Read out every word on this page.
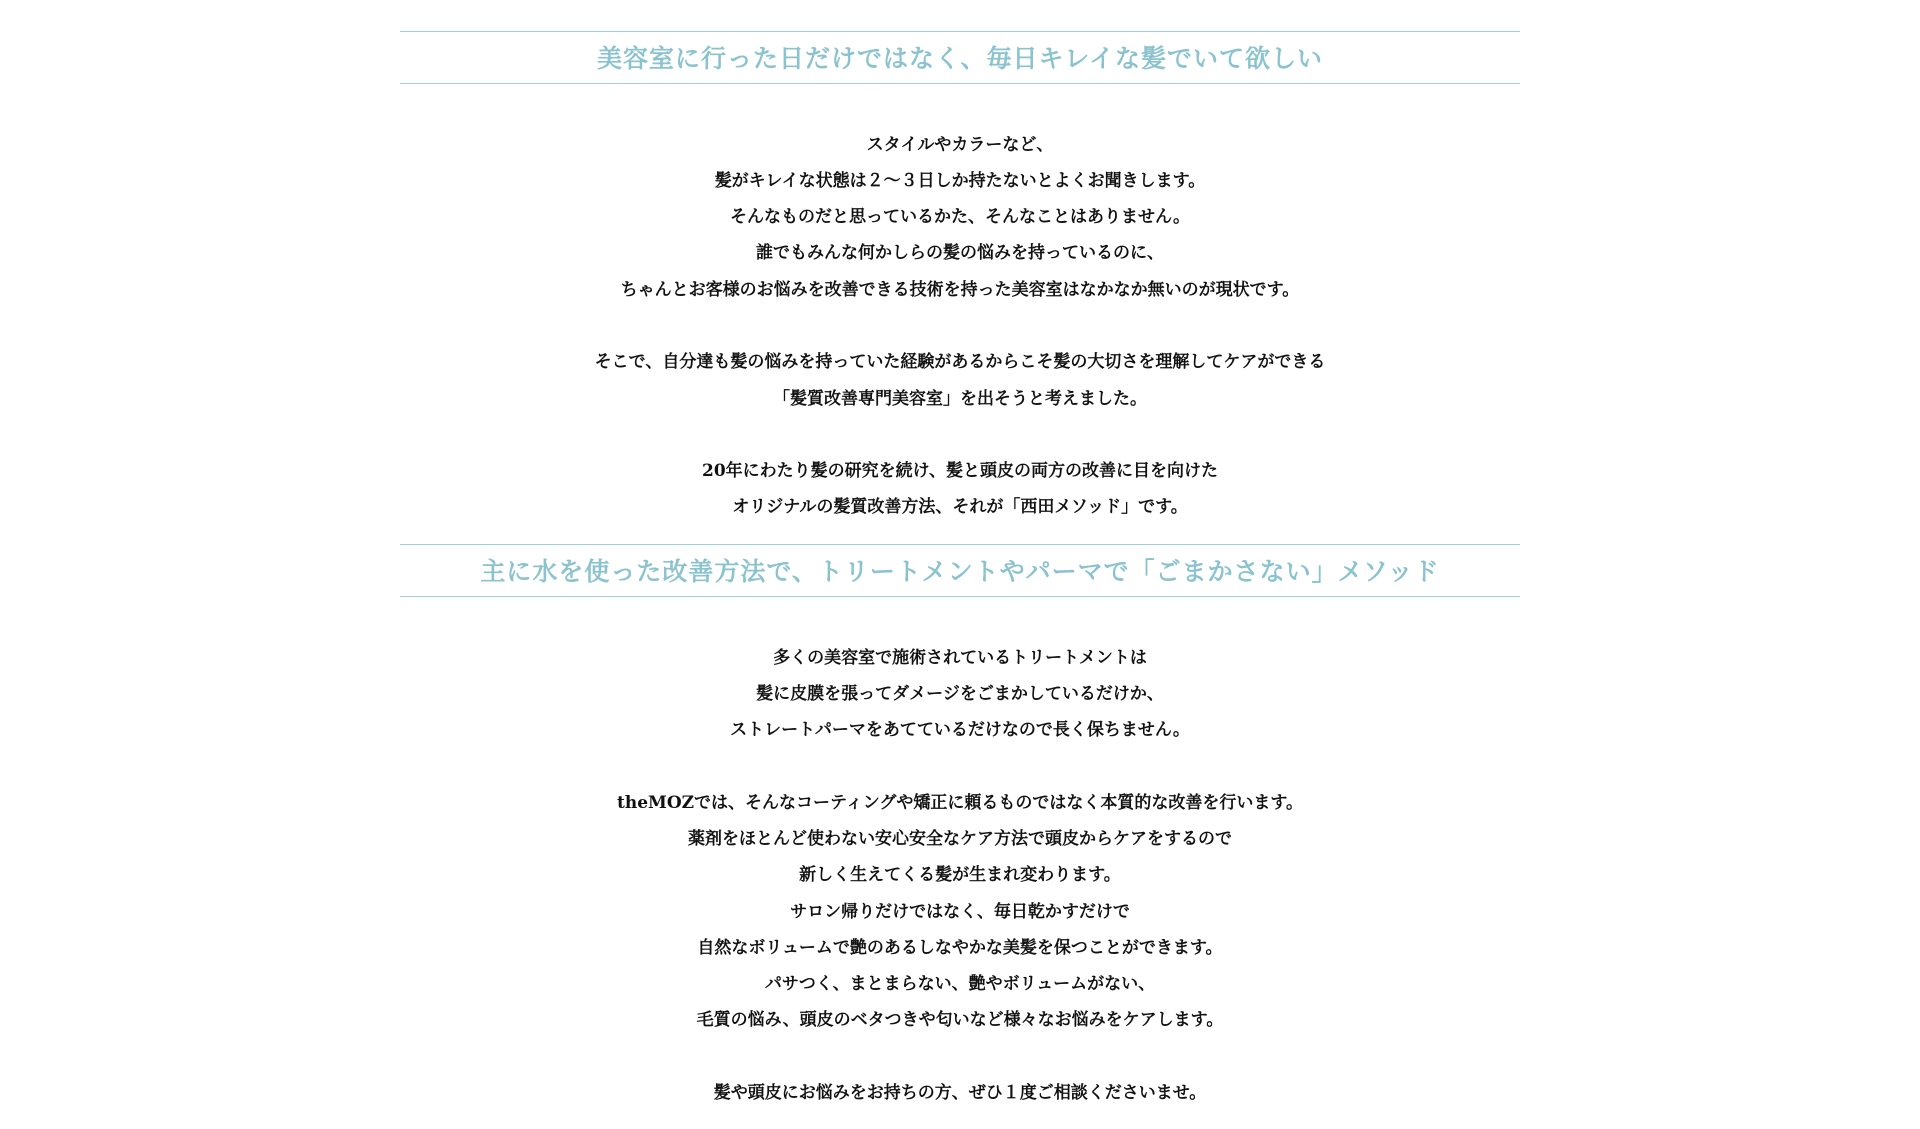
美容室に行った日だけではなく、毎日キレイな髪でいて欲しい

スタイルやカラーなど、

髪がキレイな状態は２～３日しか持たないとよくお聞きします。

そんなものだと思っているかた、そんなことはありません。

誰でもみんな何かしらの髪の悩みを持っているのに、

ちゃんとお客様のお悩みを改善できる技術を持った美容室はなかなか無いのが現状です。

そこで、自分達も髪の悩みを持っていた経験があるからこそ髪の大切さを理解してケアができる

「髪質改善専門美容室」を出そうと考えました。

20年にわたり髪の研究を続け、髪と頭皮の両方の改善に目を向けた

オリジナルの髪質改善方法、それが「西田メソッド」です。

主に水を使った改善方法で、トリートメントやパーマで「ごまかさない」メソッド

多くの美容室で施術されているトリートメントは

髪に皮膜を張ってダメージをごまかしているだけか、

ストレートパーマをあてているだけなので長く保ちません。

theMOZでは、そんなコーティングや矯正に頼るものではなく本質的な改善を行います。

薬剤をほとんど使わない安心安全なケア方法で頭皮からケアをするので

新しく生えてくる髪が生まれ変わります。

サロン帰りだけではなく、毎日乾かすだけで

自然なボリュームで艶のあるしなやかな美髪を保つことができます。

パサつく、まとまらない、艶やボリュームがない、

毛質の悩み、頭皮のベタつきや匂いなど様々なお悩みをケアします。

髪や頭皮にお悩みをお持ちの方、ぜひ１度ご相談くださいませ。
